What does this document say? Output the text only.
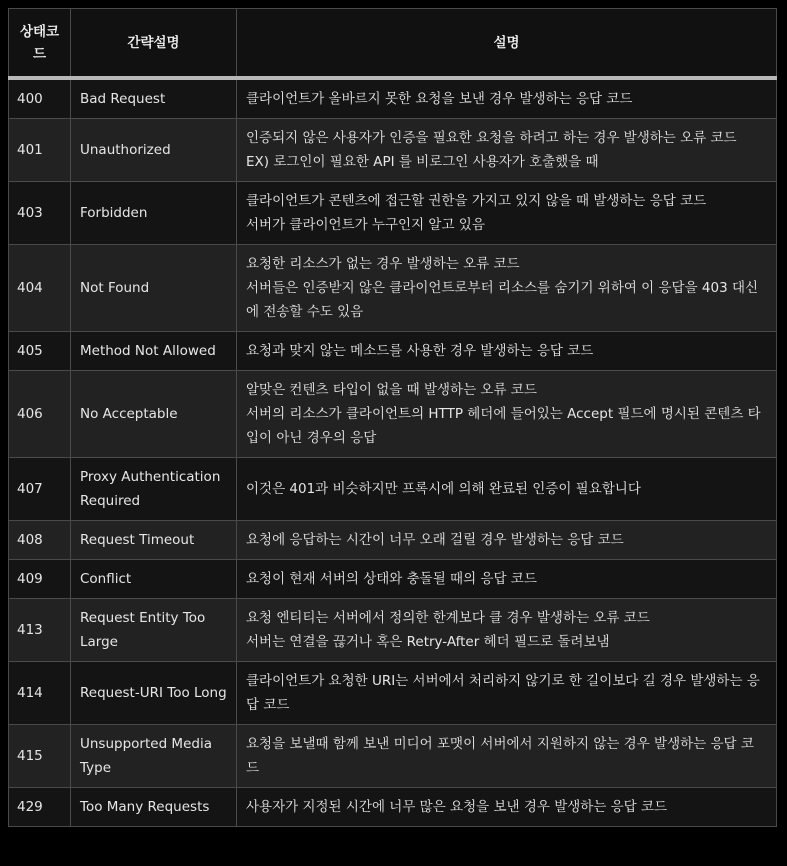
상태코드	간략설명	설명
400	Bad Request	클라이언트가 올바르지 못한 요청을 보낸 경우 발생하는 응답 코드

401	Unauthorized	인증되지 않은 사용자가 인증을 필요한 요청을 하려고 하는 경우 발생하는 오류 코드
EX) 로그인이 필요한 API 를 비로그인 사용자가 호출했을 때

403	Forbidden	클라이언트가 콘텐츠에 접근할 권한을 가지고 있지 않을 때 발생하는 응답 코드
서버가 클라이언트가 누구인지 알고 있음

404	Not Found	요청한 리소스가 없는 경우 발생하는 오류 코드
서버들은 인증받지 않은 클라이언트로부터 리소스를 숨기기 위하여 이 응답을 403 대신에 전송할 수도 있음

405	Method Not Allowed	요청과 맞지 않는 메소드를 사용한 경우 발생하는 응답 코드

406	No Acceptable	알맞은 컨텐츠 타입이 없을 때 발생하는 오류 코드
서버의 리소스가 클라이언트의 HTTP 헤더에 들어있는 Accept 필드에 명시된 콘텐츠 타입이 아닌 경우의 응답

407	Proxy Authentication Required	이것은 401과 비슷하지만 프록시에 의해 완료된 인증이 필요합니다

408	Request Timeout	요청에 응답하는 시간이 너무 오래 걸릴 경우 발생하는 응답 코드

409	Conflict	요청이 현재 서버의 상태와 충돌될 때의 응답 코드

413	Request Entity Too Large	요청 엔티티는 서버에서 정의한 한계보다 클 경우 발생하는 오류 코드
서버는 연결을 끊거나 혹은 Retry-After 헤더 필드로 돌려보냄

414	Request-URI Too Long	클라이언트가 요청한 URI는 서버에서 처리하지 않기로 한 길이보다 길 경우 발생하는 응답 코드

415	Unsupported Media Type	요청을 보낼때 함께 보낸 미디어 포맷이 서버에서 지원하지 않는 경우 발생하는 응답 코드

429	Too Many Requests	사용자가 지정된 시간에 너무 많은 요청을 보낸 경우 발생하는 응답 코드
